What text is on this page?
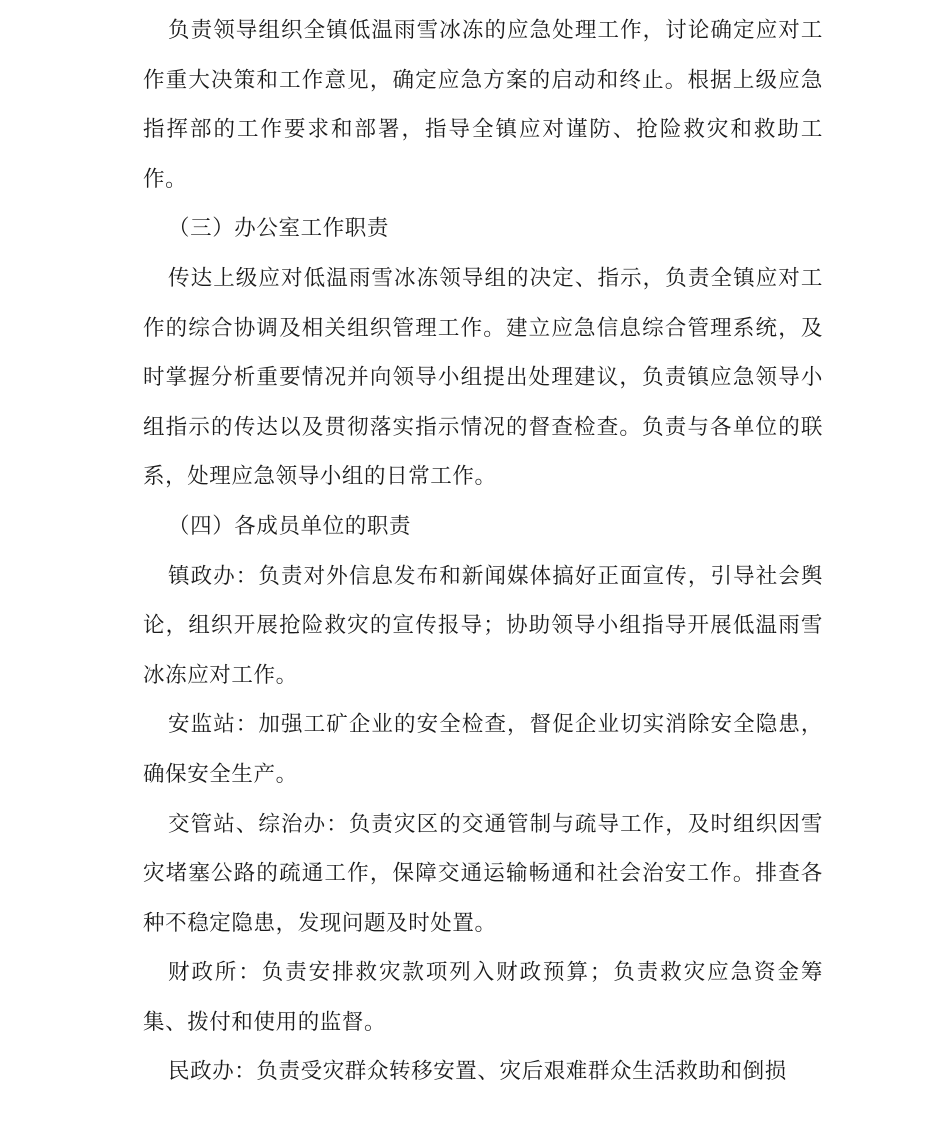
负责领导组织全镇低温雨雪冰冻的应急处理工作，讨论确定应对工作重大决策和工作意见，确定应急方案的启动和终止。根据上级应急指挥部的工作要求和部署，指导全镇应对谨防、抢险救灾和救助工作。

（三）办公室工作职责

传达上级应对低温雨雪冰冻领导组的决定、指示，负责全镇应对工作的综合协调及相关组织管理工作。建立应急信息综合管理系统，及时掌握分析重要情况并向领导小组提出处理建议，负责镇应急领导小组指示的传达以及贯彻落实指示情况的督查检查。负责与各单位的联系，处理应急领导小组的日常工作。

（四）各成员单位的职责

镇政办：负责对外信息发布和新闻媒体搞好正面宣传，引导社会舆论，组织开展抢险救灾的宣传报导；协助领导小组指导开展低温雨雪冰冻应对工作。

安监站：加强工矿企业的安全检查，督促企业切实消除安全隐患，确保安全生产。

交管站、综治办：负责灾区的交通管制与疏导工作，及时组织因雪灾堵塞公路的疏通工作，保障交通运输畅通和社会治安工作。排查各种不稳定隐患，发现问题及时处置。

财政所：负责安排救灾款项列入财政预算；负责救灾应急资金筹集、拨付和使用的监督。

民政办：负责受灾群众转移安置、灾后艰难群众生活救助和倒损
